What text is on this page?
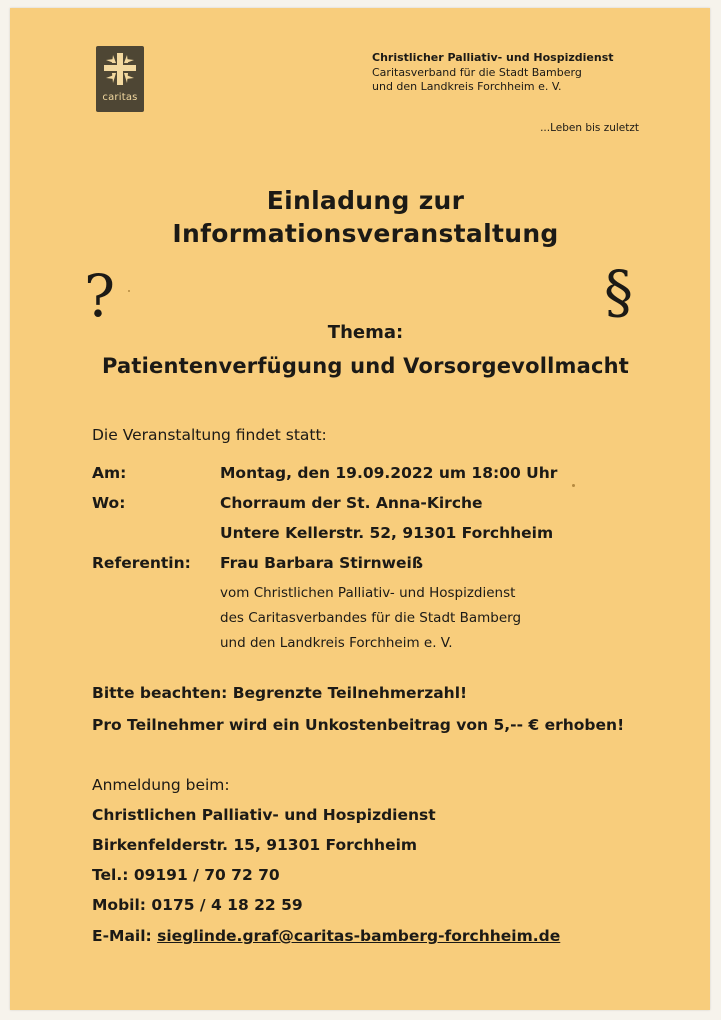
caritas
Christlicher Palliativ- und Hospizdienst
Caritasverband für die Stadt Bamberg
und den Landkreis Forchheim e. V.
...Leben bis zuletzt
Einladung zur
Informationsveranstaltung
?	§
Thema:
Patientenverfügung und Vorsorgevollmacht
Die Veranstaltung findet statt:
Am:	Montag, den 19.09.2022 um 18:00 Uhr
Wo:	Chorraum der St. Anna-Kirche
Untere Kellerstr. 52, 91301 Forchheim
Referentin: Frau Barbara Stirnweiß
vom Christlichen Palliativ- und Hospizdienst
des Caritasverbandes für die Stadt Bamberg
und den Landkreis Forchheim e. V.
Bitte beachten: Begrenzte Teilnehmerzahl!
Pro Teilnehmer wird ein Unkostenbeitrag von 5,-- € erhoben!
Anmeldung beim:
Christlichen Palliativ- und Hospizdienst
Birkenfelderstr. 15, 91301 Forchheim
Tel.: 09191 / 70 72 70
Mobil: 0175 / 4 18 22 59
E-Mail: sieglinde.graf@caritas-bamberg-forchheim.de
